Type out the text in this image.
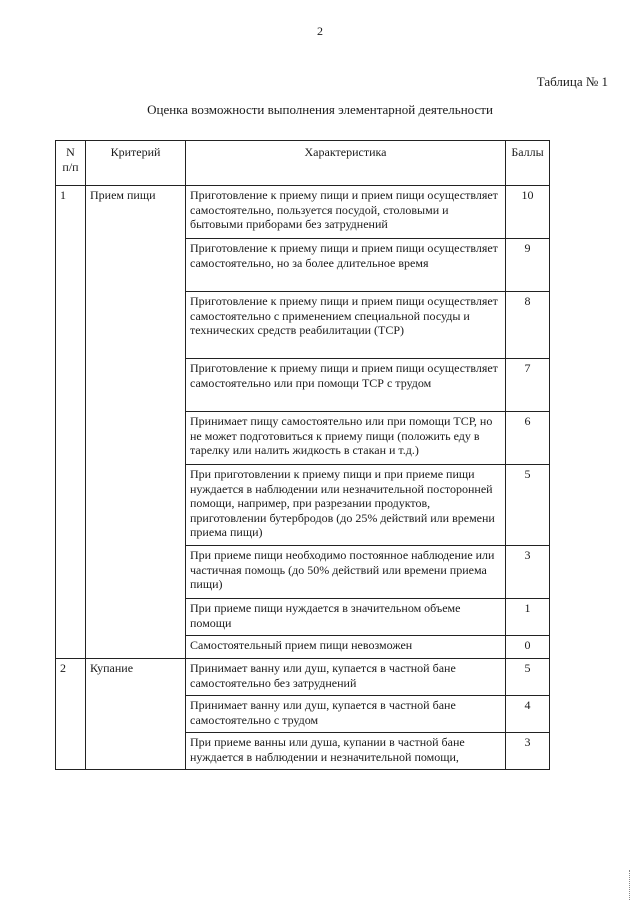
2
Таблица № 1
Оценка возможности выполнения элементарной деятельности
N п/п	Критерий	Характеристика	Баллы
1	Прием пищи	Приготовление к приему пищи и прием пищи осуществляет самостоятельно, пользуется посудой, столовыми и бытовыми приборами без затруднений	10
		Приготовление к приему пищи и прием пищи осуществляет самостоятельно, но за более длительное время	9
		Приготовление к приему пищи и прием пищи осуществляет самостоятельно с применением специальной посуды и технических средств реабилитации (ТСР)	8
		Приготовление к приему пищи и прием пищи осуществляет самостоятельно или при помощи ТСР с трудом	7
		Принимает пищу самостоятельно или при помощи ТСР, но не может подготовиться к приему пищи (положить еду в тарелку или налить жидкость в стакан и т.д.)	6
		При приготовлении к приему пищи и при приеме пищи нуждается в наблюдении или незначительной посторонней помощи, например, при разрезании продуктов, приготовлении бутербродов (до 25% действий или времени приема пищи)	5
		При приеме пищи необходимо постоянное наблюдение или частичная помощь (до 50% действий или времени приема пищи)	3
		При приеме пищи нуждается в значительном объеме помощи	1
		Самостоятельный прием пищи невозможен	0
2	Купание	Принимает ванну или душ, купается в частной бане самостоятельно без затруднений	5
		Принимает ванну или душ, купается в частной бане самостоятельно с трудом	4
		При приеме ванны или душа, купании в частной бане нуждается в наблюдении и незначительной помощи,	3
